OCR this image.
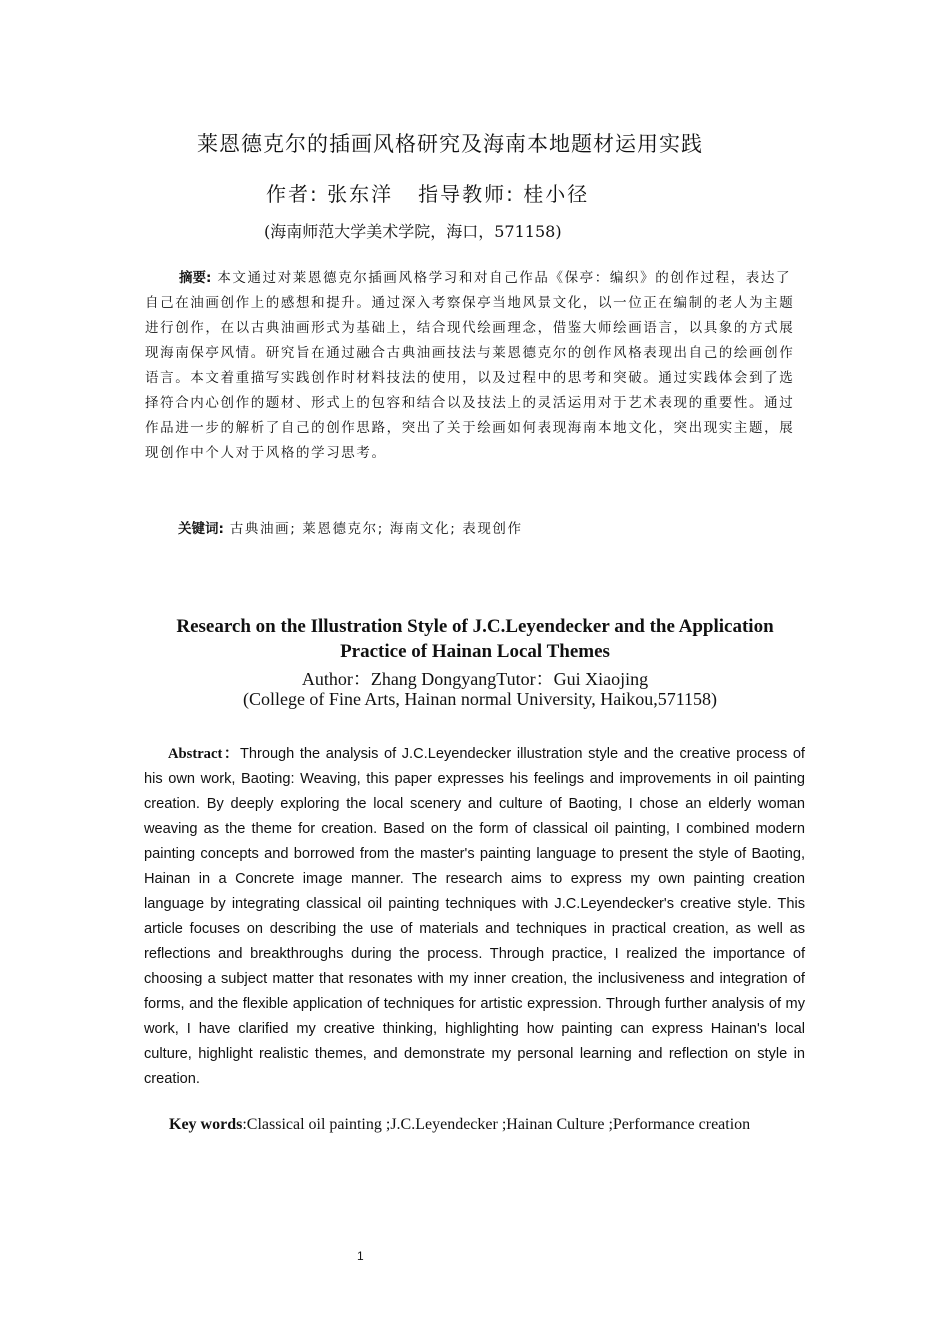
莱恩德克尔的插画风格研究及海南本地题材运用实践
作者: 张东洋   指导教师: 桂小径
(海南师范大学美术学院，海口，571158)

摘要: 本文通过对莱恩德克尔插画风格学习和对自己作品《保亭：编织》的创作过程，表达了自己在油画创作上的感想和提升。通过深入考察保亭当地风景文化，以一位正在编制的老人为主题进行创作，在以古典油画形式为基础上，结合现代绘画理念，借鉴大师绘画语言，以具象的方式展现海南保亭风情。研究旨在通过融合古典油画技法与莱恩德克尔的创作风格表现出自己的绘画创作语言。本文着重描写实践创作时材料技法的使用，以及过程中的思考和突破。通过实践体会到了选择符合内心创作的题材、形式上的包容和结合以及技法上的灵活运用对于艺术表现的重要性。通过作品进一步的解析了自己的创作思路，突出了关于绘画如何表现海南本地文化，突出现实主题，展现创作中个人对于风格的学习思考。

关键词: 古典油画; 莱恩德克尔; 海南文化; 表现创作

Research on the Illustration Style of J.C.Leyendecker and the Application Practice of Hainan Local Themes

Author：Zhang DongyangTutor：Gui Xiaojing
(College of Fine Arts, Hainan normal University, Haikou,571158)

Abstract：Through the analysis of J.C.Leyendecker illustration style and the creative process of his own work, Baoting: Weaving, this paper expresses his feelings and improvements in oil painting creation. By deeply exploring the local scenery and culture of Baoting, I chose an elderly woman weaving as the theme for creation. Based on the form of classical oil painting, I combined modern painting concepts and borrowed from the master's painting language to present the style of Baoting, Hainan in a Concrete image manner. The research aims to express my own painting creation language by integrating classical oil painting techniques with J.C.Leyendecker's creative style. This article focuses on describing the use of materials and techniques in practical creation, as well as reflections and breakthroughs during the process. Through practice, I realized the importance of choosing a subject matter that resonates with my inner creation, the inclusiveness and integration of forms, and the flexible application of techniques for artistic expression. Through further analysis of my work, I have clarified my creative thinking, highlighting how painting can express Hainan's local culture, highlight realistic themes, and demonstrate my personal learning and reflection on style in creation.

Key words:Classical oil painting ;J.C.Leyendecker ;Hainan Culture ;Performance creation

1
